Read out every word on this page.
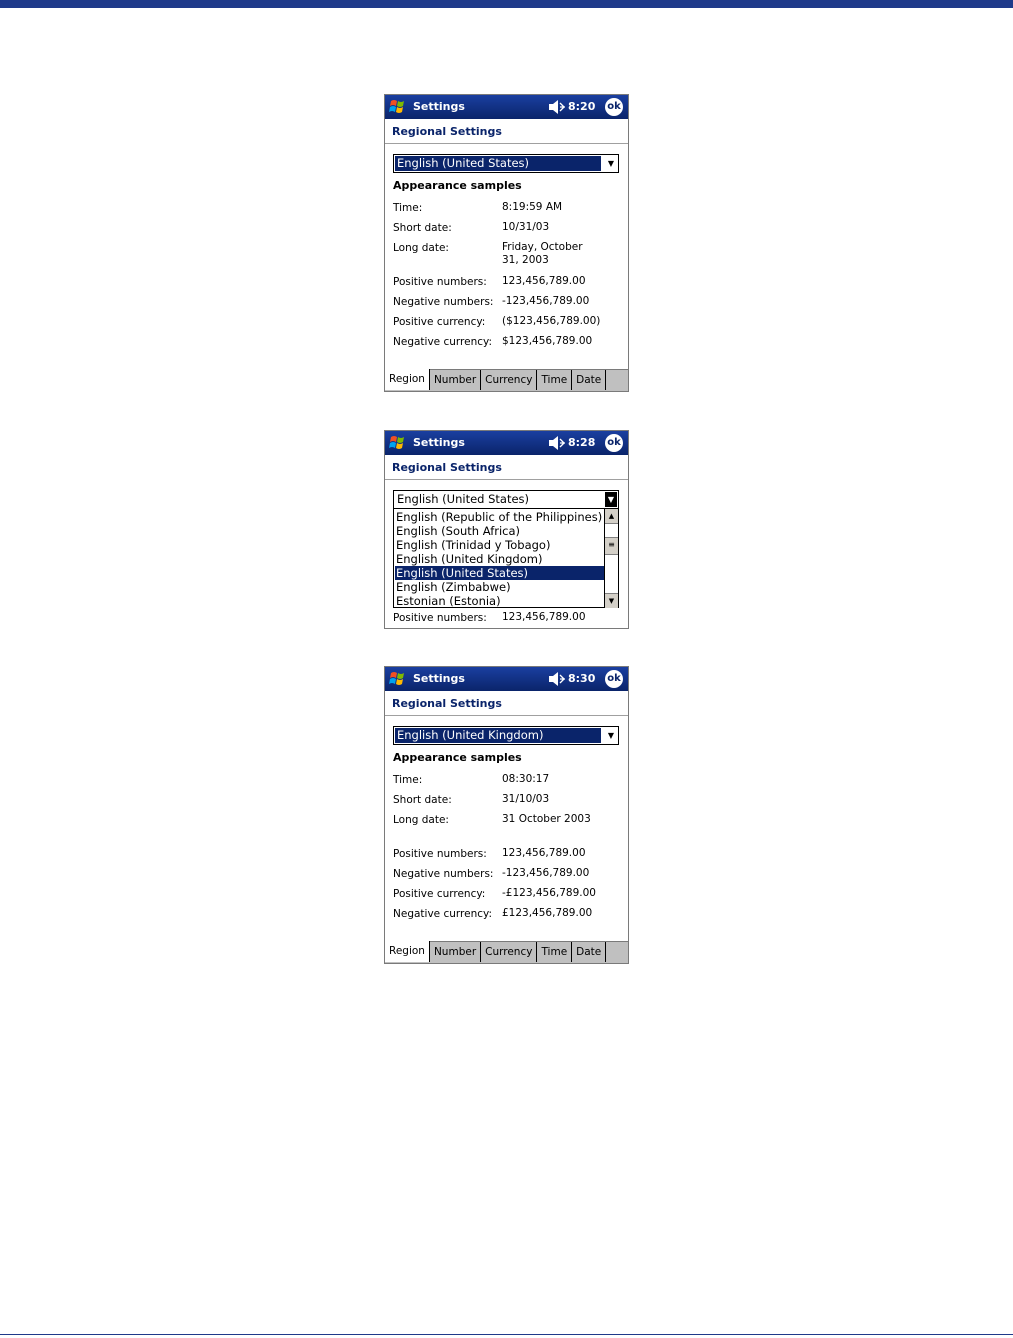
Settings	8:20 ok
Regional Settings
English (United States)	▼
Appearance samples
Time:	8:19:59 AM
Short date:	10/31/03
Long date:	Friday, October 31, 2003
Positive numbers: 123,456,789.00
Negative numbers: -123,456,789.00
Positive currency: ($123,456,789.00)
Negative currency: $123,456,789.00
Region Number Currency Time Date
Settings	8:28 ok
Regional Settings
English (United States)	▼
English (Republic of the Philippines)
English (South Africa)
English (Trinidad y Tobago)
English (United Kingdom)
English (United States)
English (Zimbabwe)
Estonian (Estonia)
▲
≡
▼
Positive numbers: 123,456,789.00
Settings	8:30 ok
Regional Settings
English (United Kingdom)	▼
Appearance samples
Time:	08:30:17
Short date:	31/10/03
Long date:	31 October 2003
Positive numbers: 123,456,789.00
Negative numbers: -123,456,789.00
Positive currency: -£123,456,789.00
Negative currency: £123,456,789.00
Region Number Currency Time Date
